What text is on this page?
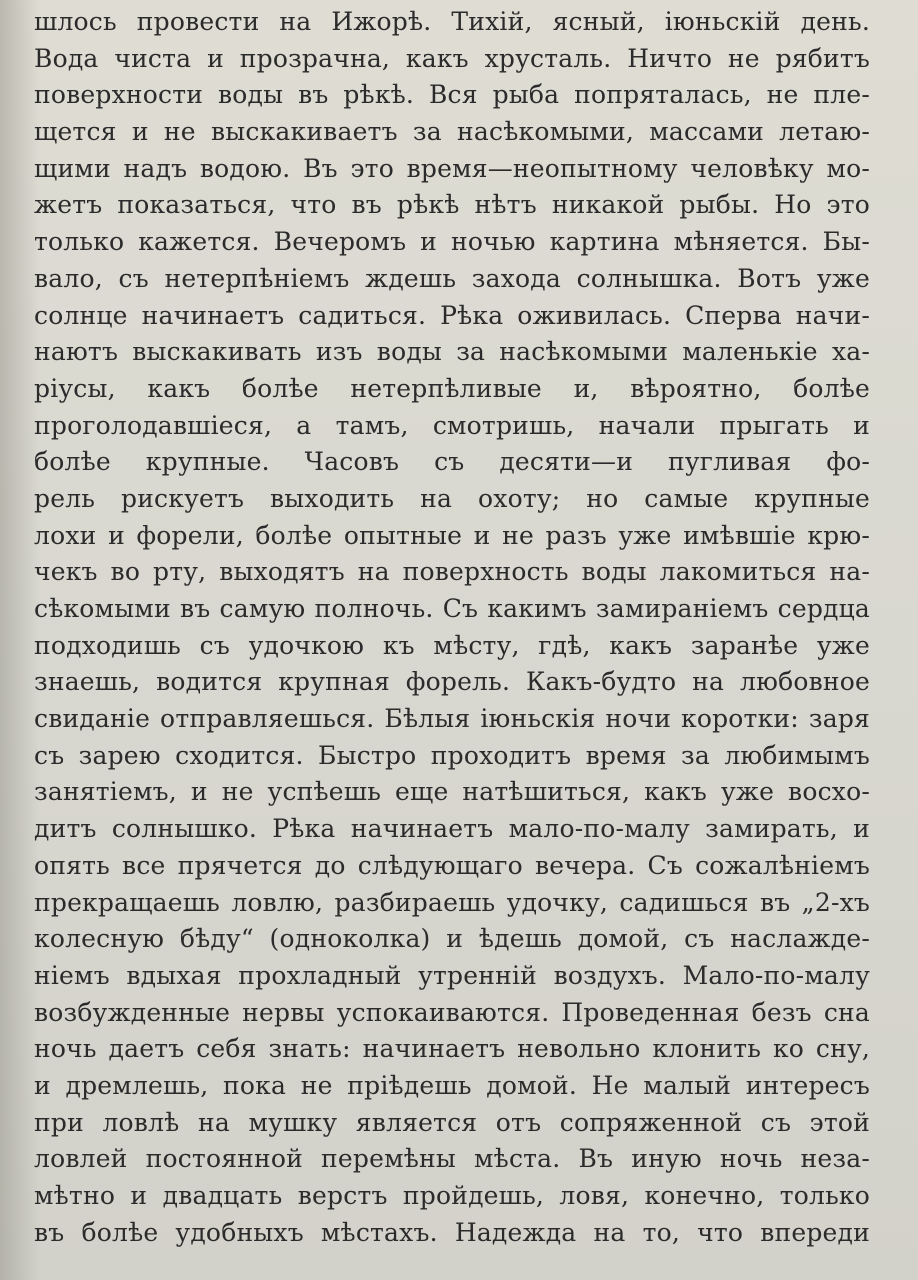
шлось провести на Ижорѣ. Тихій, ясный, іюньскій день.
Вода чиста и прозрачна, какъ хрусталь. Ничто не рябитъ
поверхности воды въ рѣкѣ. Вся рыба попряталась, не пле-
щется и не выскакиваетъ за насѣкомыми, массами летаю-
щими надъ водою. Въ это время—неопытному человѣку мо-
жетъ показаться, что въ рѣкѣ нѣтъ никакой рыбы. Но это
только кажется. Вечеромъ и ночью картина мѣняется. Бы-
вало, съ нетерпѣніемъ ждешь захода солнышка. Вотъ уже
солнце начинаетъ садиться. Рѣка оживилась. Сперва начи-
наютъ выскакивать изъ воды за насѣкомыми маленькіе ха-
ріусы, какъ болѣе нетерпѣливые и, вѣроятно, болѣе
проголодавшіеся, а тамъ, смотришь, начали прыгать и
болѣе крупные. Часовъ съ десяти—и пугливая фо-
рель рискуетъ выходить на охоту; но самые крупные
лохи и форели, болѣе опытные и не разъ уже имѣвшіе крю-
чекъ во рту, выходятъ на поверхность воды лакомиться на-
сѣкомыми въ самую полночь. Съ какимъ замираніемъ сердца
подходишь съ удочкою къ мѣсту, гдѣ, какъ заранѣе уже
знаешь, водится крупная форель. Какъ-будто на любовное
свиданіе отправляешься. Бѣлыя іюньскія ночи коротки: заря
съ зарею сходится. Быстро проходитъ время за любимымъ
занятіемъ, и не успѣешь еще натѣшиться, какъ уже восхо-
дитъ солнышко. Рѣка начинаетъ мало-по-малу замирать, и
опять все прячется до слѣдующаго вечера. Съ сожалѣніемъ
прекращаешь ловлю, разбираешь удочку, садишься въ „2-хъ
колесную бѣду“ (одноколка) и ѣдешь домой, съ наслажде-
ніемъ вдыхая прохладный утренній воздухъ. Мало-по-малу
возбужденные нервы успокаиваются. Проведенная безъ сна
ночь даетъ себя знать: начинаетъ невольно клонить ко сну,
и дремлешь, пока не пріѣдешь домой. Не малый интересъ
при ловлѣ на мушку является отъ сопряженной съ этой
ловлей постоянной перемѣны мѣста. Въ иную ночь неза-
мѣтно и двадцать верстъ пройдешь, ловя, конечно, только
въ болѣе удобныхъ мѣстахъ. Надежда на то, что впереди
